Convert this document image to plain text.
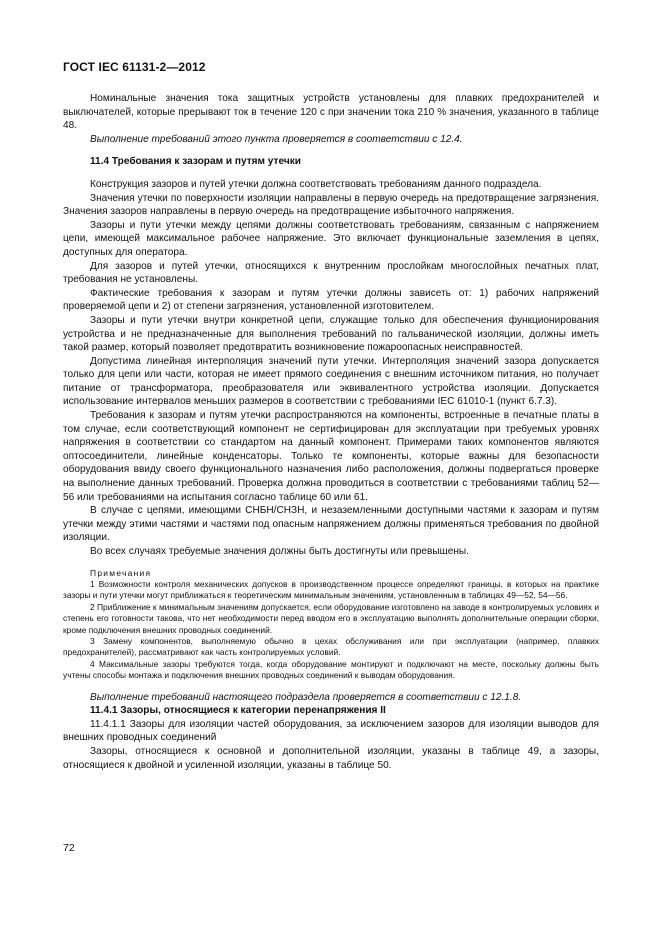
ГОСТ IEC 61131-2—2012

Номинальные значения тока защитных устройств установлены для плавких предохранителей и выключателей, которые прерывают ток в течение 120 с при значении тока 210 % значения, указанного в таблице 48.

Выполнение требований этого пункта проверяется в соответствии с 12.4.

11.4 Требования к зазорам и путям утечки

Конструкция зазоров и путей утечки должна соответствовать требованиям данного подраздела.

Значения утечки по поверхности изоляции направлены в первую очередь на предотвращение загрязнения. Значения зазоров направлены в первую очередь на предотвращение избыточного напряжения.

Зазоры и пути утечки между цепями должны соответствовать требованиям, связанным с напряжением цепи, имеющей максимальное рабочее напряжение. Это включает функциональные заземления в цепях, доступных для оператора.

Для зазоров и путей утечки, относящихся к внутренним прослойкам многослойных печатных плат, требования не установлены.

Фактические требования к зазорам и путям утечки должны зависеть от: 1) рабочих напряжений проверяемой цепи и 2) от степени загрязнения, установленной изготовителем.

Зазоры и пути утечки внутри конкретной цепи, служащие только для обеспечения функционирования устройства и не предназначенные для выполнения требований по гальванической изоляции, должны иметь такой размер, который позволяет предотвратить возникновение пожароопасных неисправностей.

Допустима линейная интерполяция значений пути утечки. Интерполяция значений зазора допускается только для цепи или части, которая не имеет прямого соединения с внешним источником питания, но получает питание от трансформатора, преобразователя или эквивалентного устройства изоляции. Допускается использование интервалов меньших размеров в соответствии с требованиями IEC 61010-1 (пункт 6.7.3).

Требования к зазорам и путям утечки распространяются на компоненты, встроенные в печатные платы в том случае, если соответствующий компонент не сертифицирован для эксплуатации при требуемых уровнях напряжения в соответствии со стандартом на данный компонент. Примерами таких компонентов являются оптосоединители, линейные конденсаторы. Только те компоненты, которые важны для безопасности оборудования ввиду своего функционального назначения либо расположения, должны подвергаться проверке на выполнение данных требований. Проверка должна проводиться в соответствии с требованиями таблиц 52—56 или требованиями на испытания согласно таблице 60 или 61.

В случае с цепями, имеющими СНБН/СНЗН, и незаземленными доступными частями к зазорам и путям утечки между этими частями и частями под опасным напряжением должны применяться требования по двойной изоляции.

Во всех случаях требуемые значения должны быть достигнуты или превышены.

Примечания

1 Возможности контроля механических допусков в производственном процессе определяют границы, в которых на практике зазоры и пути утечки могут приближаться к теоретическим минимальным значениям, установленным в таблицах 49—52, 54—56.

2 Приближение к минимальным значениям допускается, если оборудование изготовлено на заводе в контролируемых условиях и степень его готовности такова, что нет необходимости перед вводом его в эксплуатацию выполнять дополнительные операции сборки, кроме подключения внешних проводных соединений.

3 Замену компонентов, выполняемую обычно в цехах обслуживания или при эксплуатации (например, плавких предохранителей), рассматривают как часть контролируемых условий.

4 Максимальные зазоры требуются тогда, когда оборудование монтируют и подключают на месте, поскольку должны быть учтены способы монтажа и подключения внешних проводных соединений к выводам оборудования.

Выполнение требований настоящего подраздела проверяется в соответствии с 12.1.8.

11.4.1 Зазоры, относящиеся к категории перенапряжения II

11.4.1.1 Зазоры для изоляции частей оборудования, за исключением зазоров для изоляции выводов для внешних проводных соединений

Зазоры, относящиеся к основной и дополнительной изоляции, указаны в таблице 49, а зазоры, относящиеся к двойной и усиленной изоляции, указаны в таблице 50.

72
